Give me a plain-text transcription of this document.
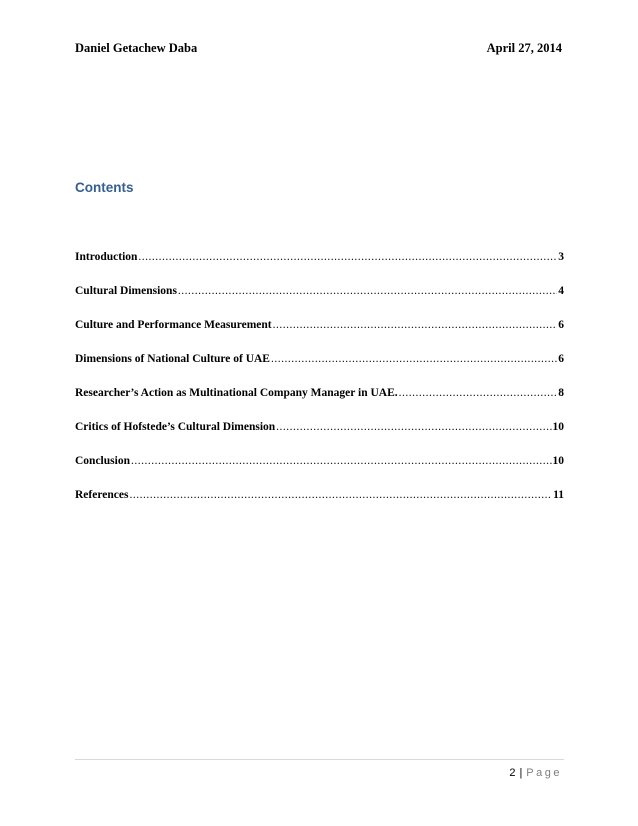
Daniel Getachew Daba	April 27, 2014
Contents
Introduction .....	3
Cultural Dimensions .....	4
Culture and Performance Measurement .....	6
Dimensions of National Culture of UAE .....	6
Researcher’s Action as Multinational Company Manager in UAE. .....	8
Critics of Hofstede’s Cultural Dimension .....	10
Conclusion .....	10
References .....	11
2 | Page
